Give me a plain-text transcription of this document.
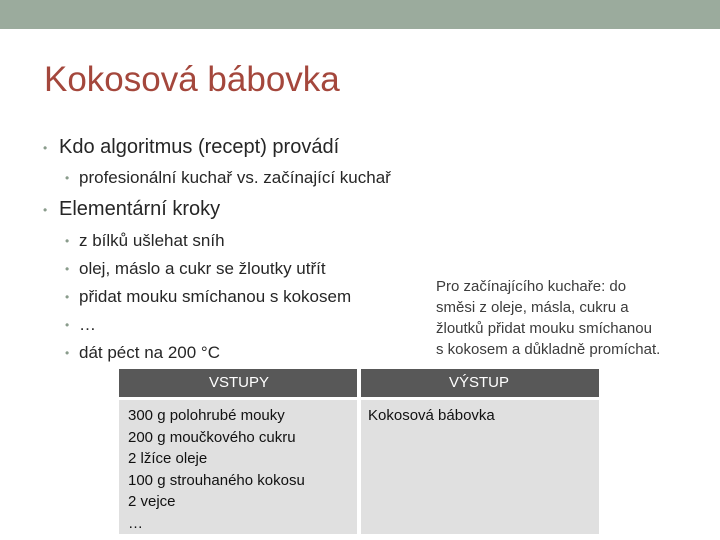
Kokosová bábovka
• Kdo algoritmus (recept) provádí
• profesionální kuchař vs. začínající kuchař
• Elementární kroky
• z bílků ušlehat sníh
• olej, máslo a cukr se žloutky utřít
• přidat mouku smíchanou s kokosem
• …
• dát péct na 200 °C
Pro začínajícího kuchaře: do
směsi z oleje, másla, cukru a
žloutků přidat mouku smíchanou
s kokosem a důkladně promíchat.
VSTUPY	VÝSTUP
300 g polohrubé mouky
200 g moučkového cukru
2 lžíce oleje
100 g strouhaného kokosu
2 vejce
…
Kokosová bábovka
